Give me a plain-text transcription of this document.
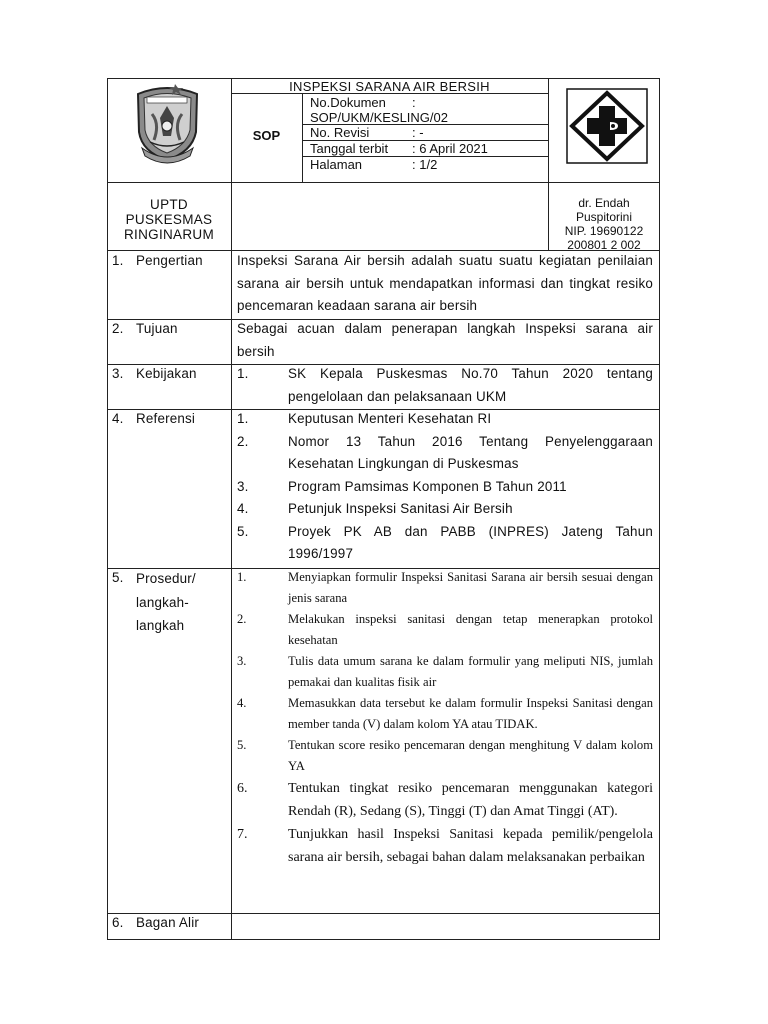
INSPEKSI SARANA AIR BERSIH
SOP
No.Dokumen	: SOP/UKM/KESLING/02
No. Revisi	: -
Tanggal terbit : 6 April 2021
Halaman	: 1/2
UPTD
PUSKESMAS
RINGINARUM
dr. Endah
Puspitorini
NIP. 19690122
200801 2 002
1. Pengertian	Inspeksi Sarana Air bersih adalah suatu suatu kegiatan penilaian sarana air bersih untuk mendapatkan informasi dan tingkat resiko pencemaran keadaan sarana air bersih
2. Tujuan	Sebagai acuan dalam penerapan langkah Inspeksi sarana air bersih
3. Kebijakan	1.	SK Kepala Puskesmas No.70 Tahun 2020 tentang pengelolaan dan pelaksanaan UKM
4. Referensi	1.	Keputusan Menteri Kesehatan RI
2.	Nomor 13 Tahun 2016 Tentang Penyelenggaraan Kesehatan Lingkungan di Puskesmas
3.	Program Pamsimas Komponen B Tahun 2011
4.	Petunjuk Inspeksi Sanitasi Air Bersih
5.	Proyek PK AB dan PABB (INPRES) Jateng Tahun 1996/1997
5. Prosedur/
langkah-
langkah
1.	Menyiapkan formulir Inspeksi Sanitasi Sarana air bersih sesuai dengan jenis sarana
2.	Melakukan inspeksi sanitasi dengan tetap menerapkan protokol kesehatan
3.	Tulis data umum sarana ke dalam formulir yang meliputi NIS, jumlah pemakai dan kualitas fisik air
4.	Memasukkan data tersebut ke dalam formulir Inspeksi Sanitasi dengan member tanda (V) dalam kolom YA atau TIDAK.
5.	Tentukan score resiko pencemaran dengan menghitung V dalam kolom YA
6.	Tentukan tingkat resiko pencemaran menggunakan kategori Rendah (R), Sedang (S), Tinggi (T) dan Amat Tinggi (AT).
7.	Tunjukkan hasil Inspeksi Sanitasi kepada pemilik/pengelola sarana air bersih, sebagai bahan dalam melaksanakan perbaikan
6. Bagan Alir
